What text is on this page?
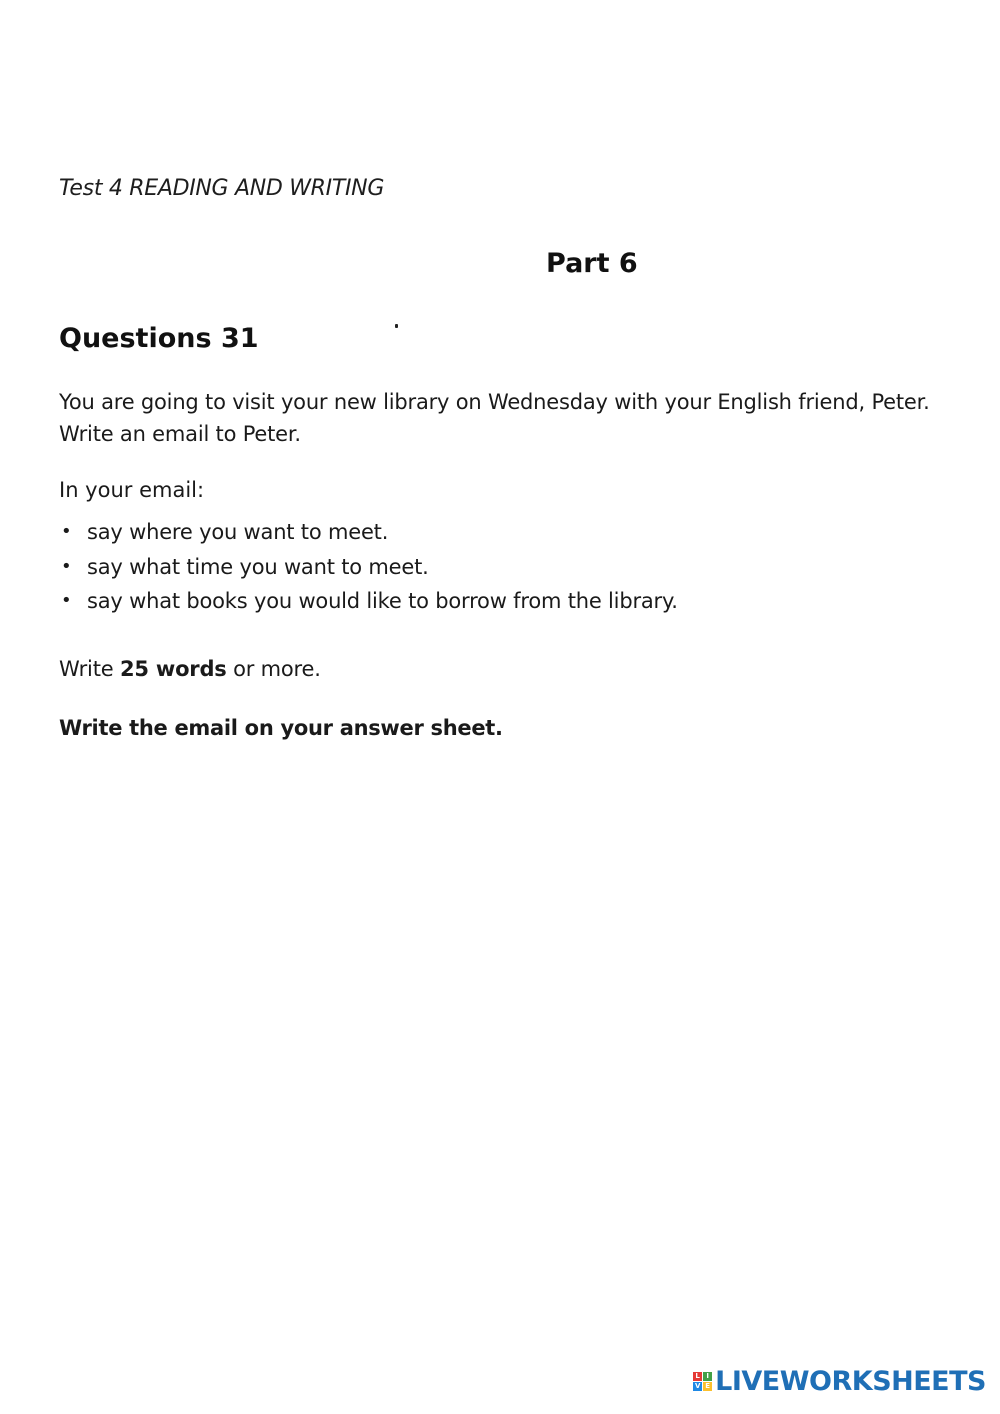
Test 4 READING AND WRITING
Part 6
Questions 31

You are going to visit your new library on Wednesday with your English friend, Peter.

Write an email to Peter.

In your email:
• say where you want to meet.
• say what time you want to meet.
• say what books you would like to borrow from the library.
Write 25 words or more.
Write the email on your answer sheet.
L I
V E LIVEWORKSHEETS
